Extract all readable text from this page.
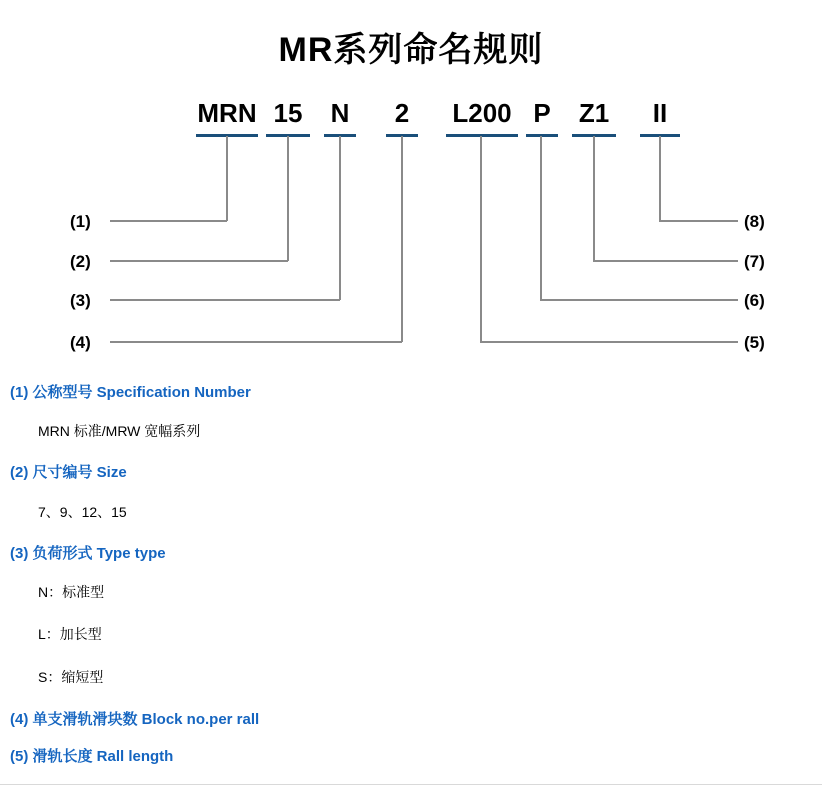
MR系列命名规则
MRN 15 N	2	L200 P Z1	II
(1)
(2)
(3)
(4)
(8)
(7)
(6)
(5)
(1) 公称型号 Specification Number
MRN 标准/MRW 宽幅系列
(2) 尺寸编号 Size
7、9、12、15
(3) 负荷形式 Type type
N：标准型
L：加长型
S：缩短型
(4) 单支滑轨滑块数 Block no.per rall
(5) 滑轨长度 Rall length
